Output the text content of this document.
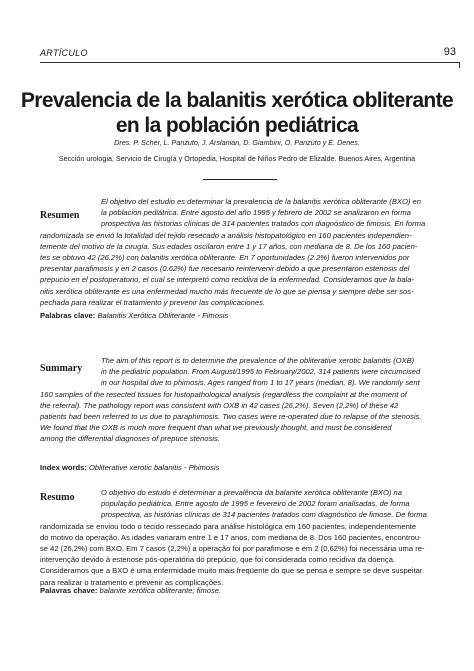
ARTÍCULO	93
Prevalencia de la balanitis xerótica obliterante
en la población pediátrica
Dres. P. Scher, L. Panzuto, J. Arslanian, D. Giambini, O. Panzuto y E. Denes.
Sección urologia, Servicio de Cirugía y Ortopedia, Hospital de Niños Pedro de Elizalde. Buenos Aires, Argentina
Resumen
El objetivo del estudio es determinar la prevalencia de la balanitis xerótica obliterante (BXO) en
la población pediátrica. Entre agosto del año 1995 y febrero de 2002 se analizaron en forma
prospectiva las historias clínicas de 314 pacientes tratados con diagnóstico de fimosis. En forma
randomizada se envió la totalidad del tejido resecado a análisis histopatológico en 160 pacientes independien-
temente del motivo de la cirugía. Sus edades oscilaron entre 1 y 17 años, con mediana de 8. De los 160 pacien-
tes se obtuvo 42 (26.2%) con balanitis xerótica obliterante. En 7 oportunidades (2.2%) fueron intervenidos por
presentar parafimosis y en 2 casos (0.62%) fue necesario reintervenir debido a que presentaron estenosis del
prepucio en el postoperatorio, el cual se interpretó como recidiva de la enfermedad. Consideramos que la bala-
nitis xerótica obliterante es una enfermedad mucho más frecuente de lo que se piensa y siempre debe ser sos-
pechada para realizar el tratamiento y prevenir las complicaciones.
Palabras clave: Balanitis Xerótica Obliterante - Fimosis
Summary
The aim of this report is to determine the prevalence of the obliterative xerotic balanitis (OXB)
in the pediatric population. From August/1995 to February/2002, 314 patients were circumcised
in our hospital due to phimosis. Ages ranged from 1 to 17 years (median, 8). We randomly sent
160 samples of the resected tissues for histopathological analysis (regardless the complaint at the moment of
the referral). The pathology report was consistent with OXB in 42 cases (26,2%). Seven (2,2%) of these 42
patients had been referred to us due to paraphimosis. Two cases were re-operated due to relapse of the stenosis.
We found that the OXB is much more frequent than what we previously thought, and must be considered
among the differential diagnoses of prepuce stenosis.
Index words: Obliterative xerotic balanitis - Phimosis
Resumo	O objetivo do estudo é determinar a prevalência da balanite xerótica obliterante (BXO) na
população pediátrica. Entre agosto de 1995 e fevereiro de 2002 foram analisadas, de forma
prospectiva, as histórias clínicas de 314 pacientes tratados com diagnóstico de fimose. De forma
randomizada se enviou todo o tecido ressecado para análise histológica em 160 pacientes, independentemente
do motivo da operação. As idades variaram entre 1 e 17 anos, com mediana de 8. Dos 160 pacientes, encontrou-
se 42 (26,2%) com BXO. Em 7 casos (2,2%) a operação foi por parafimose e em 2 (0,62%) foi necessária uma re-
intervenção devido à estenose pós-operatória do prepúcio, que foi considerada como recidiva da doença.
Consideramos que a BXO é uma enfermidade muito mais freqüente do que se pensa e sempre se deve suspeitar
para realizar o tratamento e prevenir as complicações.
Palavras chave: balanite xerótica obliterante; fimose.
